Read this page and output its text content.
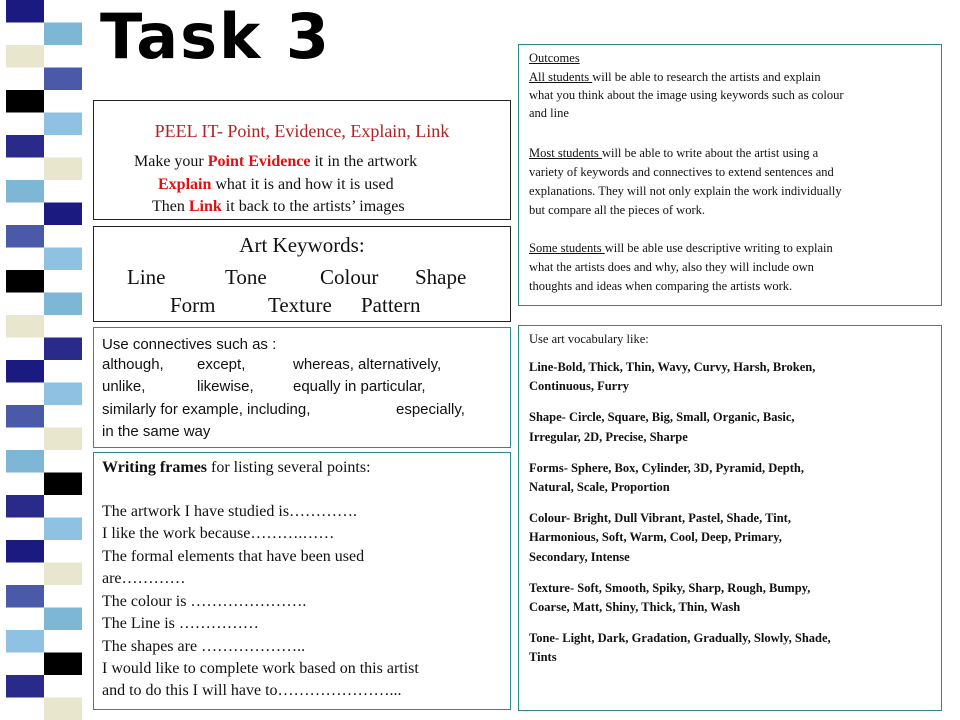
Task 3
PEEL IT- Point, Evidence, Explain, Link
Make your Point Evidence it in the artwork
Explain what it is and how it is used
Then Link it back to the artists’ images
Art Keywords:
Line	Tone	Colour Shape
Form Texture Pattern
Use connectives such as :
although, except,	whereas, alternatively,
unlike,	likewise,	equally in particular,
similarly for example, including,	especially,
in the same way
Writing frames for listing several points:
The artwork I have studied is………….
I like the work because……….……
The formal elements that have been used
are…………
The colour is ………………….
The Line is ……………
The shapes are ………………..
I would like to complete work based on this artist
and to do this I will have to…………………...
Outcomes
All students will be able to research the artists and explain
what you think about the image using keywords such as colour
and line
Most students will be able to write about the artist using a
variety of keywords and connectives to extend sentences and
explanations. They will not only explain the work individually
but compare all the pieces of work.
Some students will be able use descriptive writing to explain
what the artists does and why, also they will include own
thoughts and ideas when comparing the artists work.
Use art vocabulary like:
Line-Bold, Thick, Thin, Wavy, Curvy, Harsh, Broken,
Continuous, Furry
Shape- Circle, Square, Big, Small, Organic, Basic,
Irregular, 2D, Precise, Sharpe
Forms- Sphere, Box, Cylinder, 3D, Pyramid, Depth,
Natural, Scale, Proportion
Colour- Bright, Dull Vibrant, Pastel, Shade, Tint,
Harmonious, Soft, Warm, Cool, Deep, Primary,
Secondary, Intense
Texture- Soft, Smooth, Spiky, Sharp, Rough, Bumpy,
Coarse, Matt, Shiny, Thick, Thin, Wash
Tone- Light, Dark, Gradation, Gradually, Slowly, Shade,
Tints
